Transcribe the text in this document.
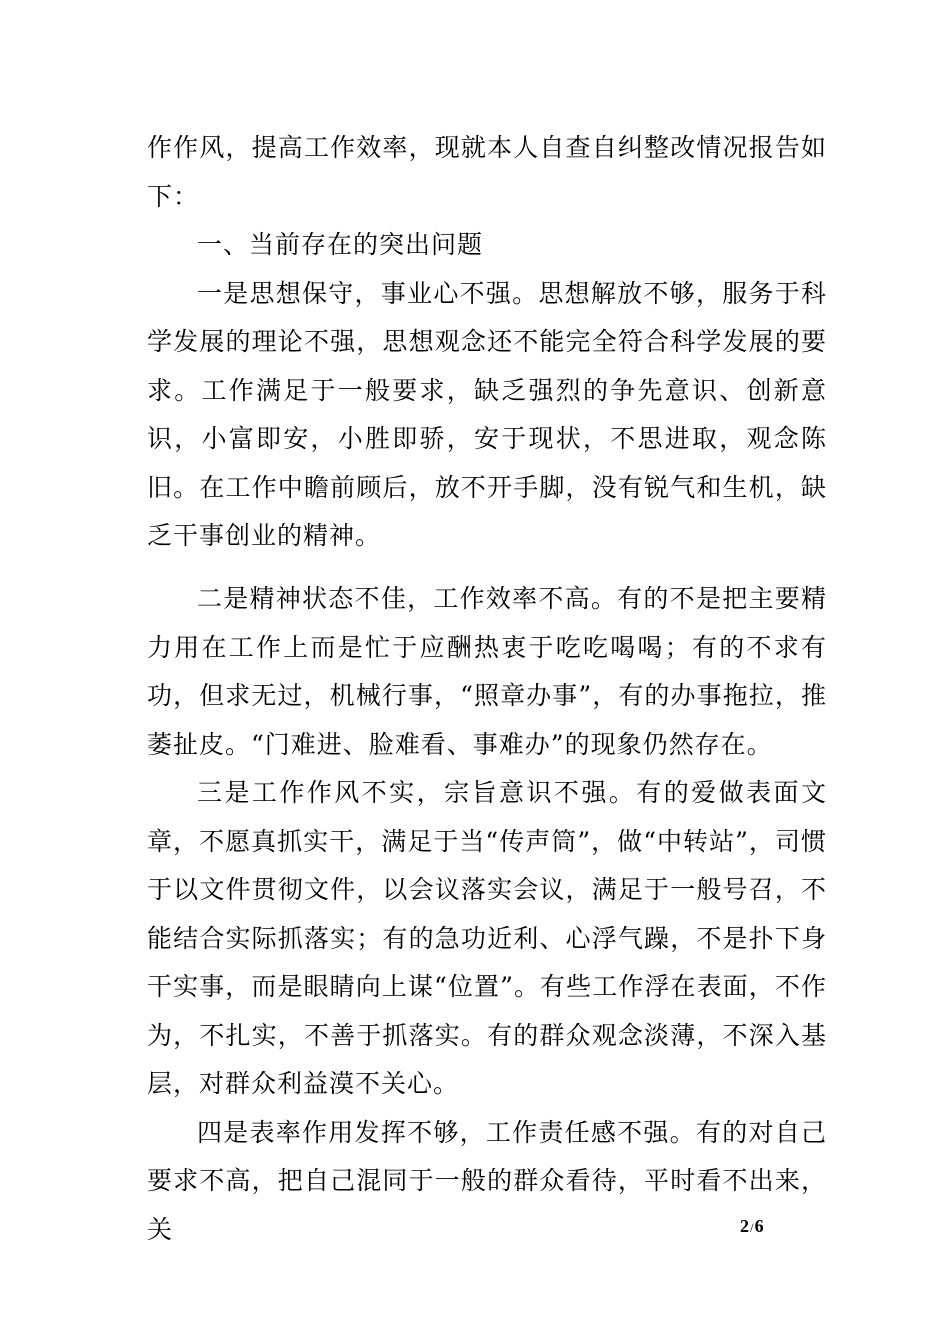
作作风，提高工作效率，现就本人自查自纠整改情况报告如下：

一、当前存在的突出问题

一是思想保守，事业心不强。思想解放不够，服务于科学发展的理论不强，思想观念还不能完全符合科学发展的要求。工作满足于一般要求，缺乏强烈的争先意识、创新意识，小富即安，小胜即骄，安于现状，不思进取，观念陈旧。在工作中瞻前顾后，放不开手脚，没有锐气和生机，缺乏干事创业的精神。

二是精神状态不佳，工作效率不高。有的不是把主要精力用在工作上而是忙于应酬热衷于吃吃喝喝；有的不求有功，但求无过，机械行事，“照章办事”，有的办事拖拉，推萎扯皮。“门难进、脸难看、事难办”的现象仍然存在。

三是工作作风不实，宗旨意识不强。有的爱做表面文章，不愿真抓实干，满足于当“传声筒”，做“中转站”，司惯于以文件贯彻文件，以会议落实会议，满足于一般号召，不能结合实际抓落实；有的急功近利、心浮气躁，不是扑下身干实事，而是眼睛向上谋“位置”。有些工作浮在表面，不作为，不扎实，不善于抓落实。有的群众观念淡薄，不深入基层，对群众利益漠不关心。

四是表率作用发挥不够，工作责任感不强。有的对自己要求不高，把自己混同于一般的群众看待，平时看不出来，关	2/6
